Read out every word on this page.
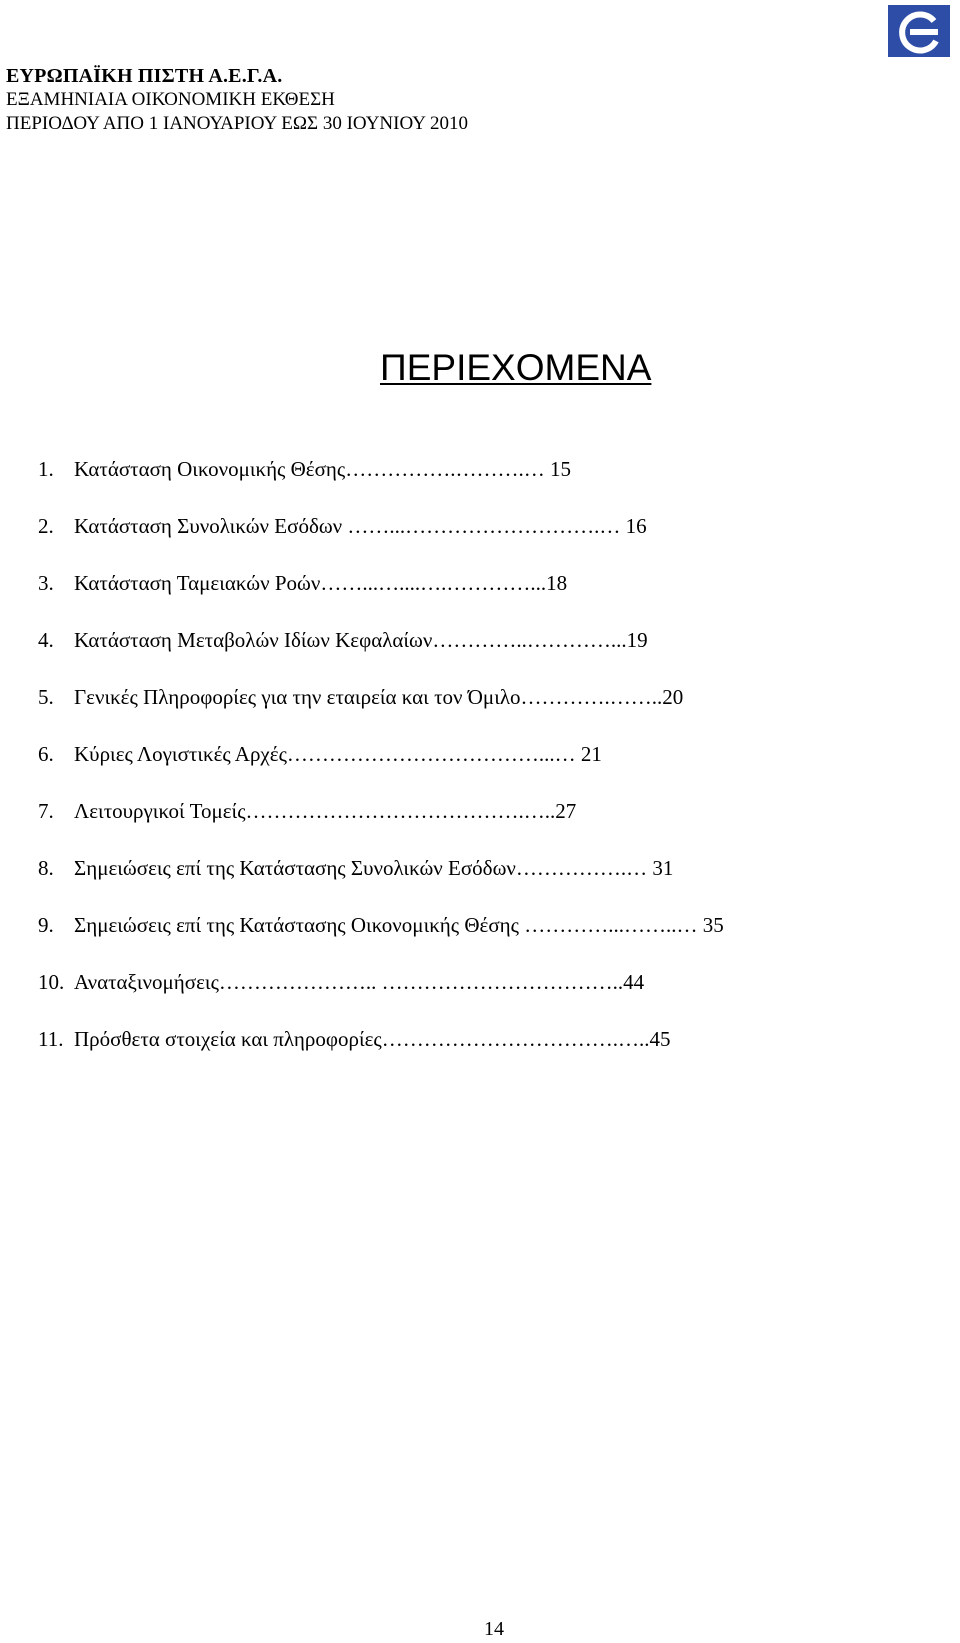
ΕΥΡΩΠΑΪΚΗ ΠΙΣΤΗ Α.Ε.Γ.Α.
ΕΞΑΜΗΝΙΑΙΑ ΟΙΚΟΝΟΜΙΚΗ ΕΚΘΕΣΗ
ΠΕΡΙΟΔΟΥ ΑΠΟ 1 ΙΑΝΟΥΑΡΙΟΥ ΕΩΣ 30 ΙΟΥΝΙΟΥ 2010
ΠΕΡΙΕΧΟΜΕΝΑ
1. Κατάσταση Οικονομικής Θέσης…………….……….… 15
2. Κατάσταση Συνολικών Εσόδων ……...……………………….… 16
3. Κατάσταση Ταμειακών Ροών……...…....….…………...18
4. Κατάσταση Μεταβολών Ιδίων Κεφαλαίων…………..…………...19
5. Γενικές Πληροφορίες για την εταιρεία και τον Όμιλο………….……..20
6. Κύριες Λογιστικές Αρχές………………………………...… 21
7. Λειτουργικοί Τομείς………………………………….…..27
8. Σημειώσεις επί της Κατάστασης Συνολικών Εσόδων…………….… 31
9. Σημειώσεις επί της Κατάστασης Οικονομικής Θέσης …………...……..… 35
10. Αναταξινομήσεις………………….. ……………………………..44
11. Πρόσθετα στοιχεία και πληροφορίες…………………………….…..45
14
